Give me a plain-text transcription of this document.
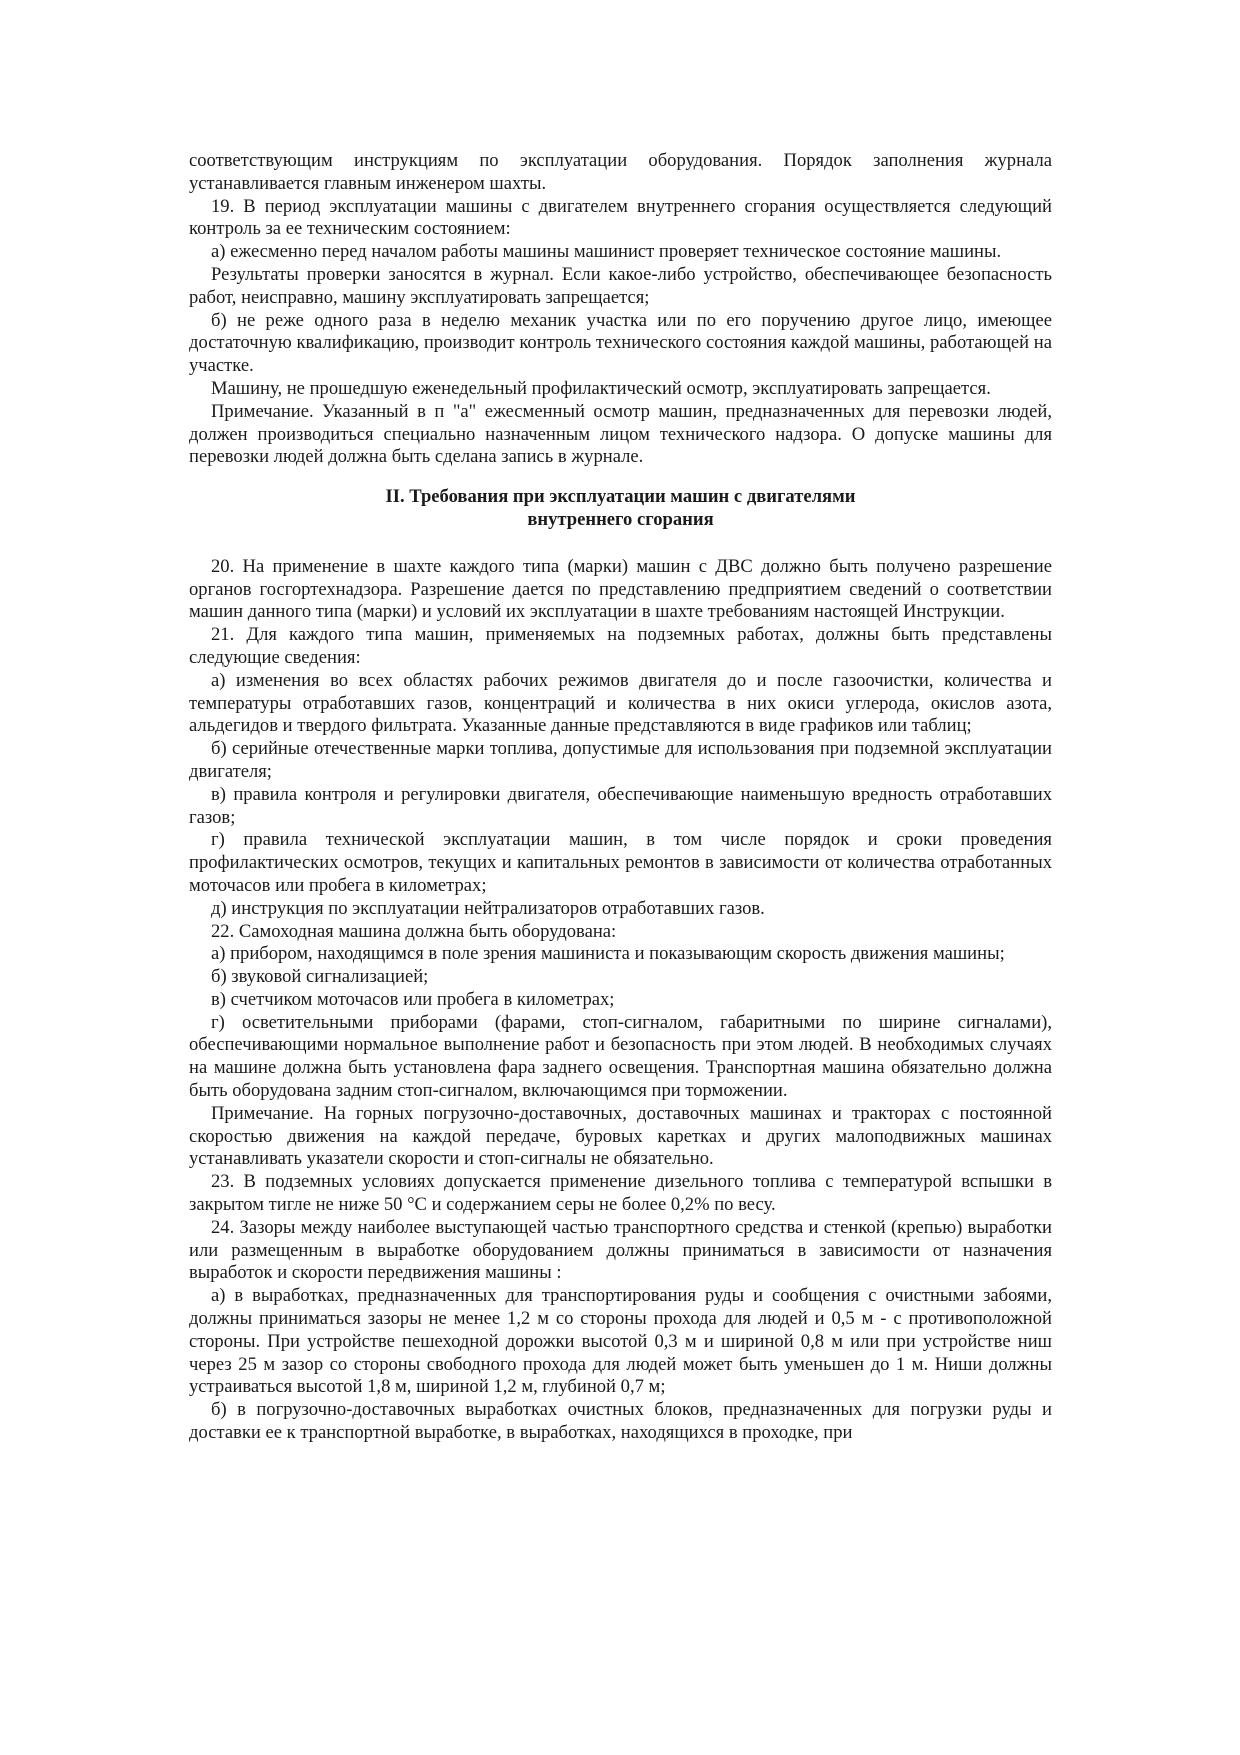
соответствующим инструкциям по эксплуатации оборудования. Порядок заполнения журнала устанавливается главным инженером шахты.

19. В период эксплуатации машины с двигателем внутреннего сгорания осуществляется следующий контроль за ее техническим состоянием:

а) ежесменно перед началом работы машины машинист проверяет техническое состояние машины.

Результаты проверки заносятся в журнал. Если какое-либо устройство, обеспечивающее безопасность работ, неисправно, машину эксплуатировать запрещается;

б) не реже одного раза в неделю механик участка или по его поручению другое лицо, имеющее достаточную квалификацию, производит контроль технического состояния каждой машины, работающей на участке.

Машину, не прошедшую еженедельный профилактический осмотр, эксплуатировать запрещается.

Примечание. Указанный в п "а" ежесменный осмотр машин, предназначенных для перевозки людей, должен производиться специально назначенным лицом технического надзора. О допуске машины для перевозки людей должна быть сделана запись в журнале.

II. Требования при эксплуатации машин с двигателями
внутреннего сгорания

20. На применение в шахте каждого типа (марки) машин с ДВС должно быть получено разрешение органов госгортехнадзора. Разрешение дается по представлению предприятием сведений о соответствии машин данного типа (марки) и условий их эксплуатации в шахте требованиям настоящей Инструкции.

21. Для каждого типа машин, применяемых на подземных работах, должны быть представлены следующие сведения:

а) изменения во всех областях рабочих режимов двигателя до и после газоочистки, количества и температуры отработавших газов, концентраций и количества в них окиси углерода, окислов азота, альдегидов и твердого фильтрата. Указанные данные представляются в виде графиков или таблиц;

б) серийные отечественные марки топлива, допустимые для использования при подземной эксплуатации двигателя;

в) правила контроля и регулировки двигателя, обеспечивающие наименьшую вредность отработавших газов;

г) правила технической эксплуатации машин, в том числе порядок и сроки проведения профилактических осмотров, текущих и капитальных ремонтов в зависимости от количества отработанных моточасов или пробега в километрах;

д) инструкция по эксплуатации нейтрализаторов отработавших газов.

22. Самоходная машина должна быть оборудована:

а) прибором, находящимся в поле зрения машиниста и показывающим скорость движения машины;

б) звуковой сигнализацией;

в) счетчиком моточасов или пробега в километрах;

г) осветительными приборами (фарами, стоп-сигналом, габаритными по ширине сигналами), обеспечивающими нормальное выполнение работ и безопасность при этом людей. В необходимых случаях на машине должна быть установлена фара заднего освещения. Транспортная машина обязательно должна быть оборудована задним стоп-сигналом, включающимся при торможении.

Примечание. На горных погрузочно-доставочных, доставочных машинах и тракторах с постоянной скоростью движения на каждой передаче, буровых каретках и других малоподвижных машинах устанавливать указатели скорости и стоп-сигналы не обязательно.

23. В подземных условиях допускается применение дизельного топлива с температурой вспышки в закрытом тигле не ниже 50 °C и содержанием серы не более 0,2% по весу.

24. Зазоры между наиболее выступающей частью транспортного средства и стенкой (крепью) выработки или размещенным в выработке оборудованием должны приниматься в зависимости от назначения выработок и скорости передвижения машины :

а) в выработках, предназначенных для транспортирования руды и сообщения с очистными забоями, должны приниматься зазоры не менее 1,2 м со стороны прохода для людей и 0,5 м - с противоположной стороны. При устройстве пешеходной дорожки высотой 0,3 м и шириной 0,8 м или при устройстве ниш через 25 м зазор со стороны свободного прохода для людей может быть уменьшен до 1 м. Ниши должны устраиваться высотой 1,8 м, шириной 1,2 м, глубиной 0,7 м;

б) в погрузочно-доставочных выработках очистных блоков, предназначенных для погрузки руды и доставки ее к транспортной выработке, в выработках, находящихся в проходке, при
